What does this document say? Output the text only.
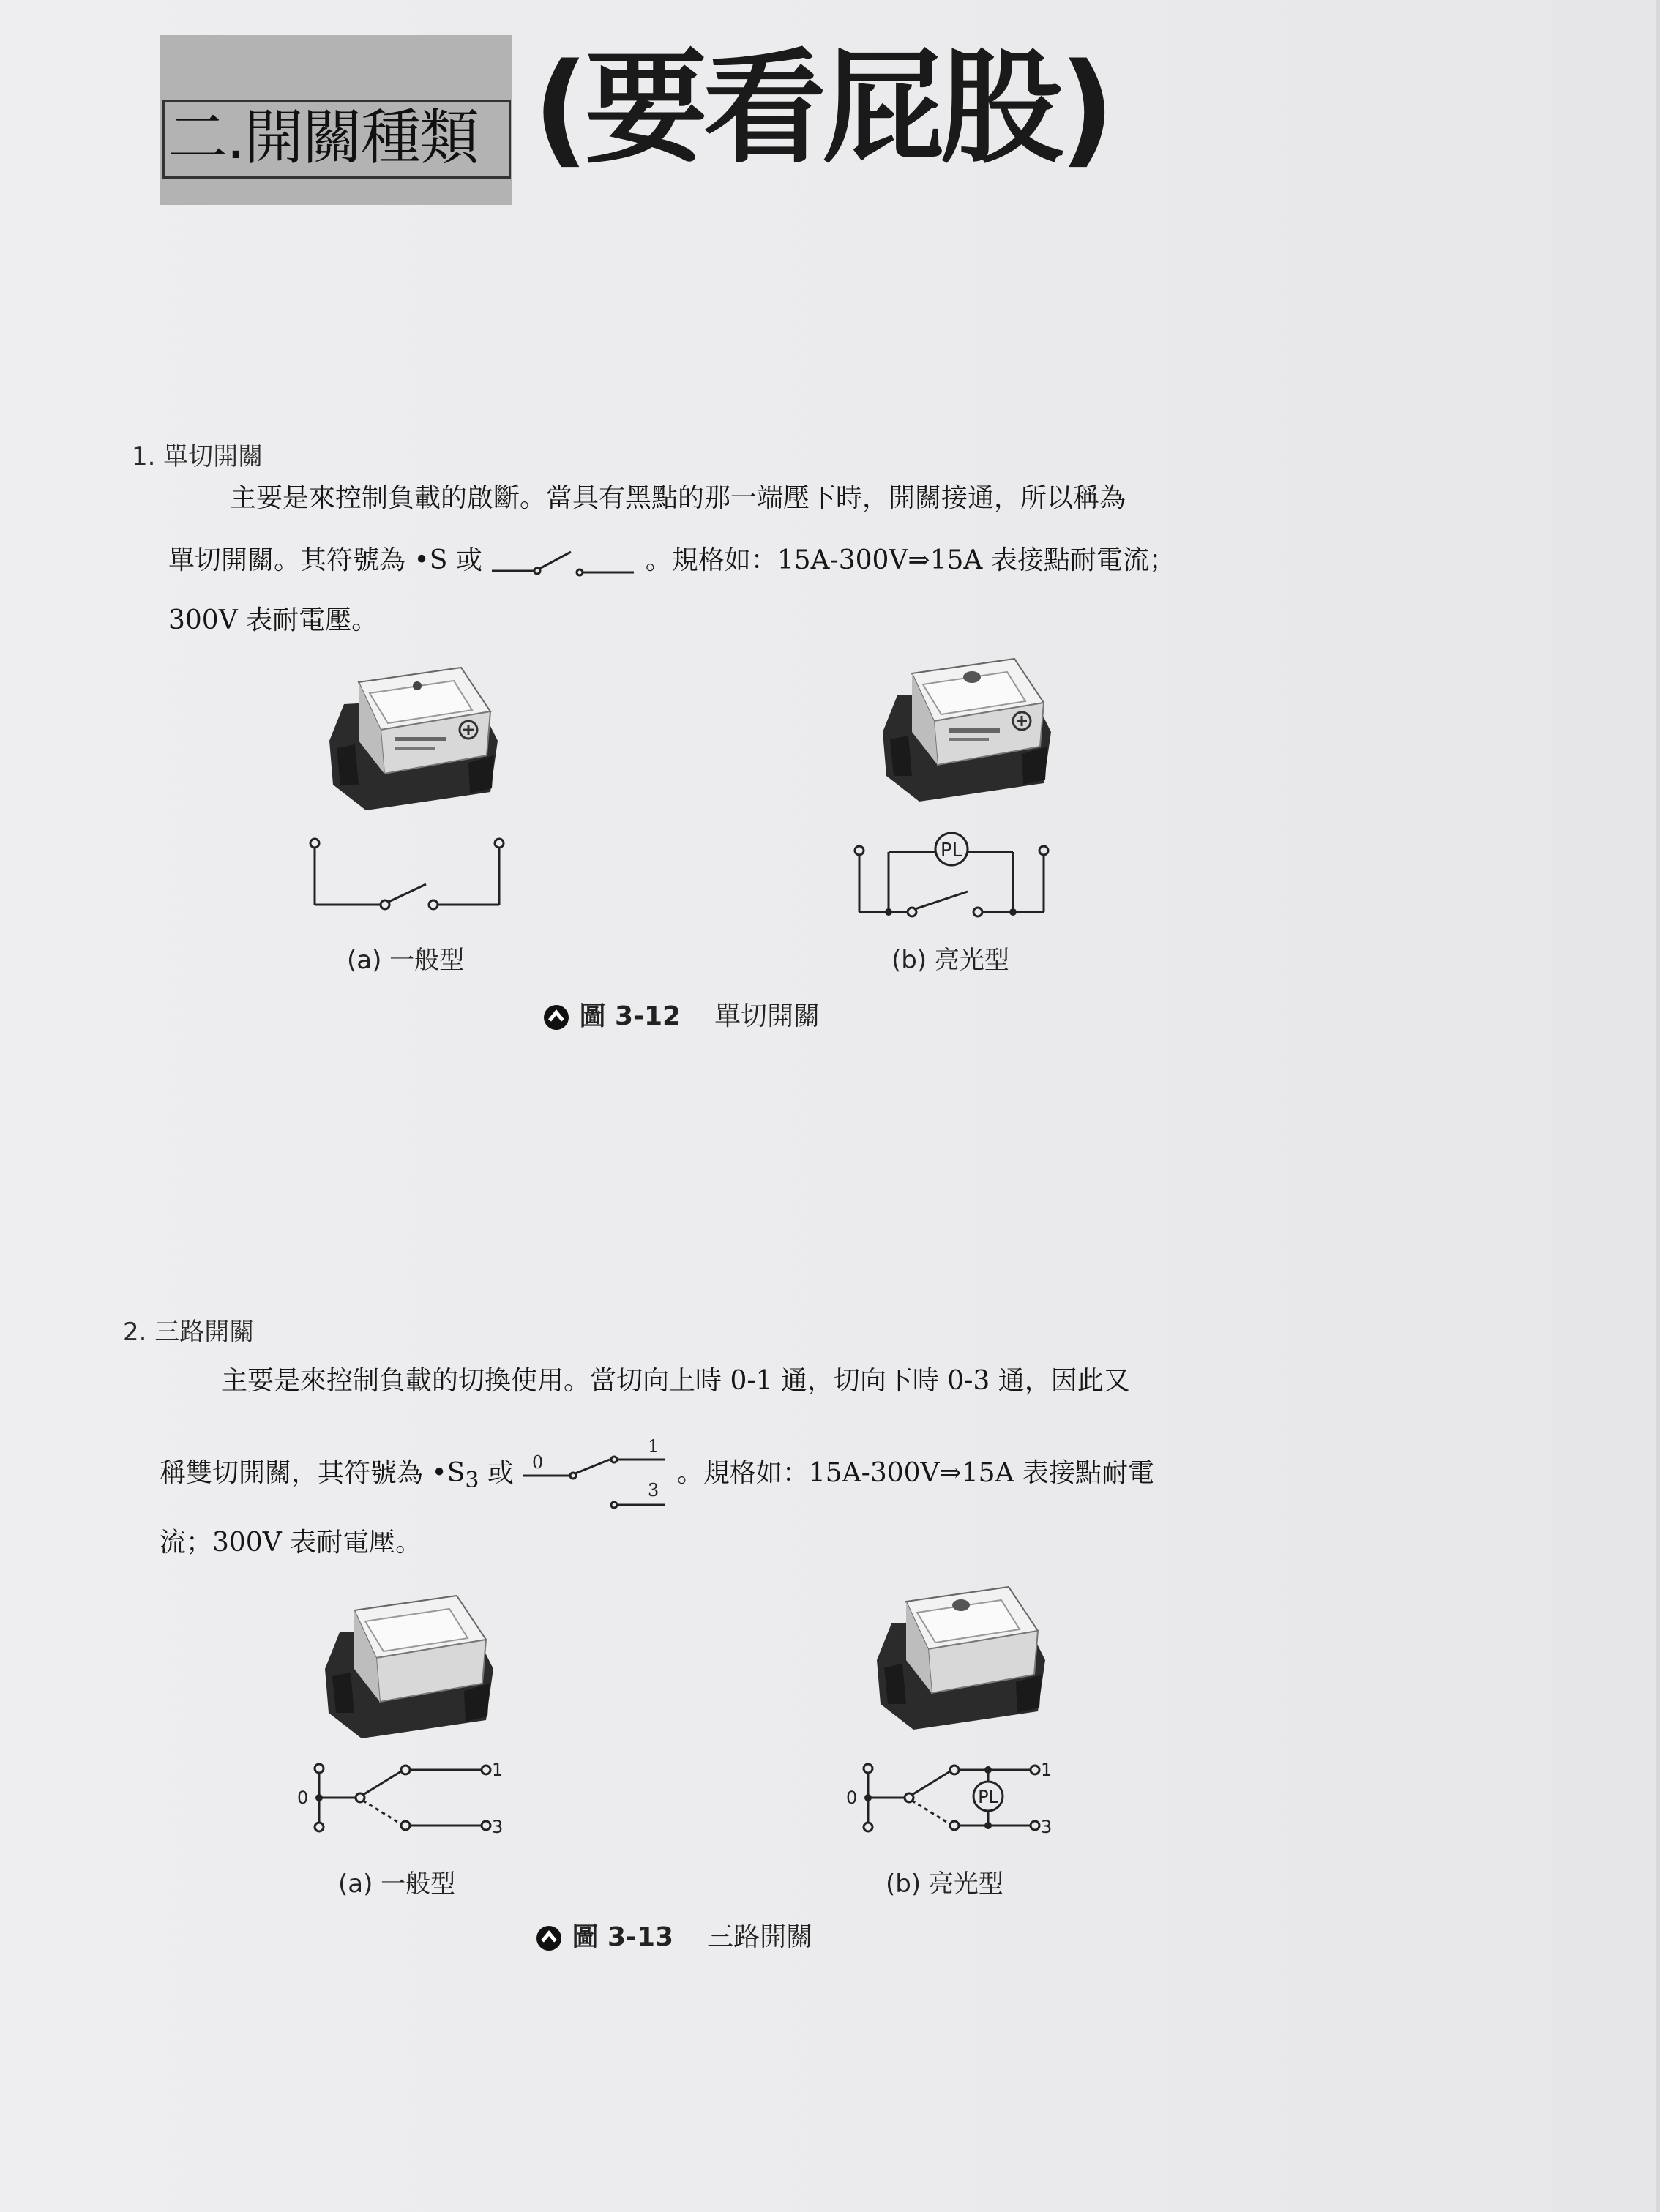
二.開關種類 (要看屁股)
1. 單切開關
主要是來控制負載的啟斷。當具有黑點的那一端壓下時，開關接通，所以稱為
單切開關。其符號為 •S 或	。規格如：15A-300V⇒15A 表接點耐電流；
300V 表耐電壓。
(a) 一般型
PL
(b) 亮光型
圖 3-12 單切開關
2. 三路開關
主要是來控制負載的切換使用。當切向上時 0-1 通，切向下時 0-3 通，因此又
稱雙切開關，其符號為 $•S_3$ 或 0
1
3
。規格如：15A-300V⇒15A 表接點耐電
流；300V 表耐電壓。
0
1
3
(a) 一般型
0
1
3
PL
(b) 亮光型
圖 3-13 三路開關
